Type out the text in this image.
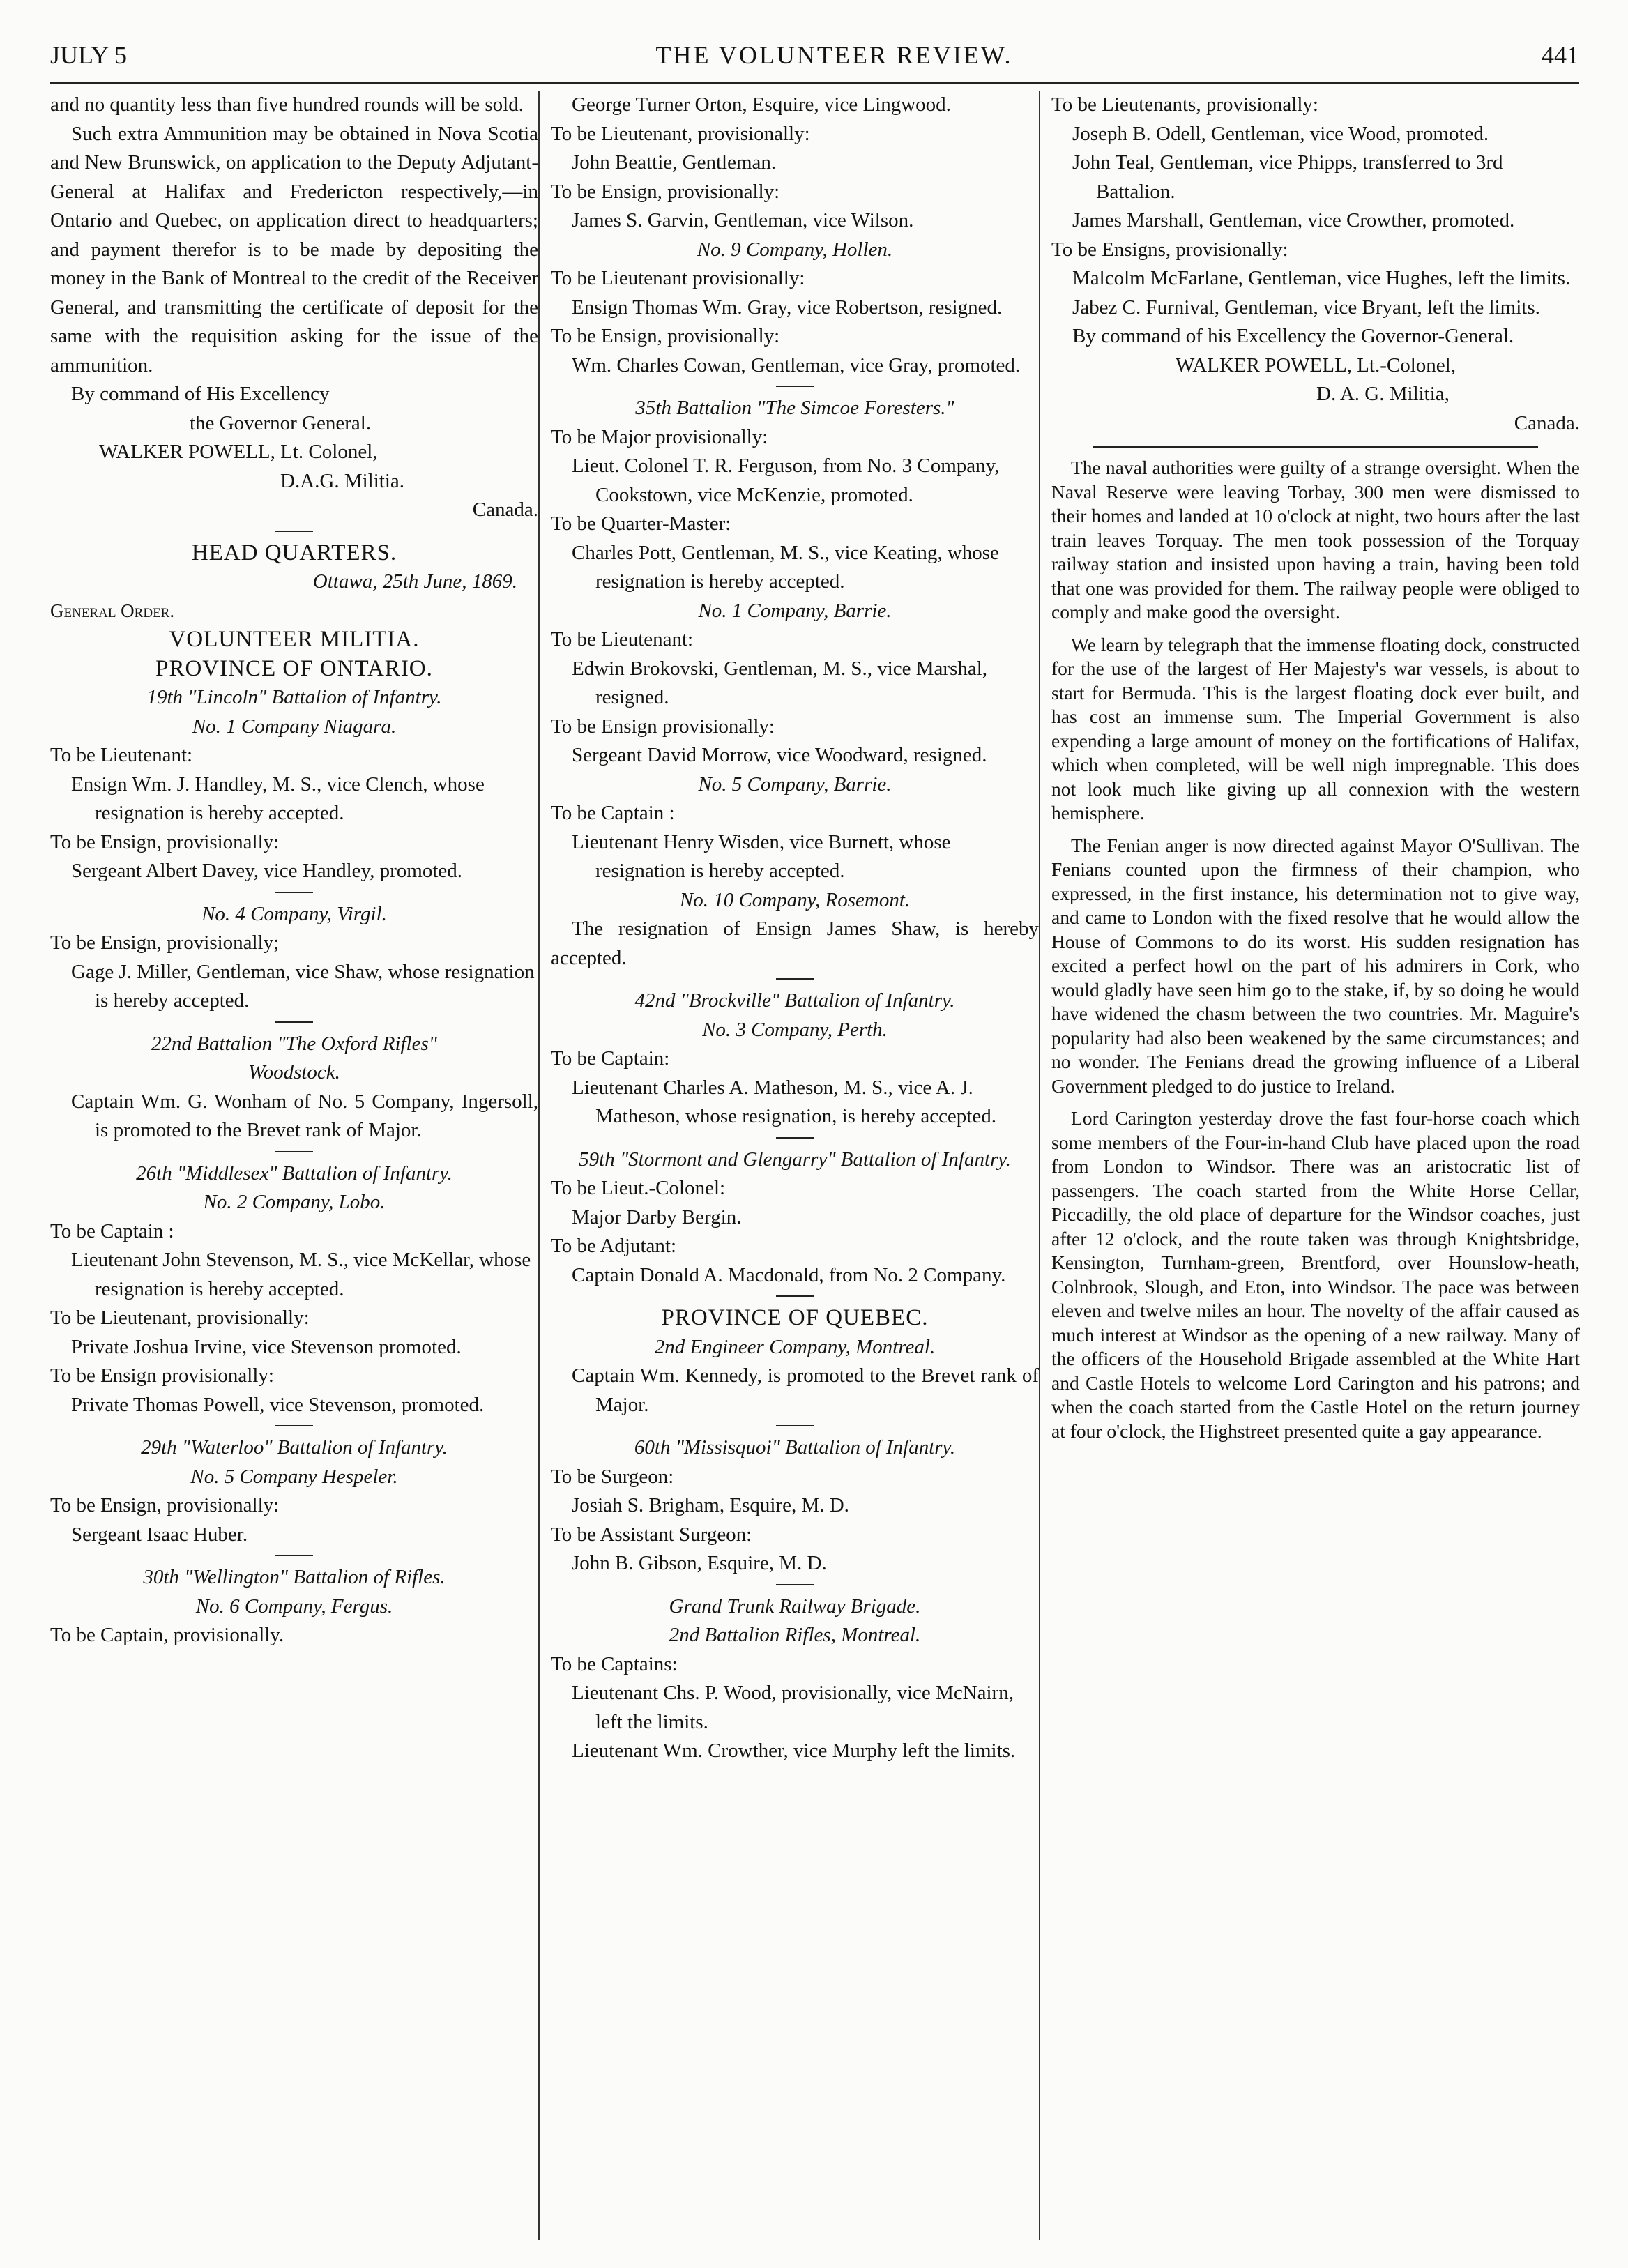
JULY 5	THE VOLUNTEER REVIEW.	441

and no quantity less than five hundred rounds will be sold.

Such extra Ammunition may be obtained in Nova Scotia and New Brunswick, on application to the Deputy Adjutant-General at Halifax and Fredericton respectively,—in Ontario and Quebec, on application direct to headquarters; and payment therefor is to be made by depositing the money in the Bank of Montreal to the credit of the Receiver General, and transmitting the certificate of deposit for the same with the requisition asking for the issue of the ammunition.

By command of His Excellency

the Governor General.

WALKER POWELL, Lt. Colonel,

D.A.G. Militia.

Canada.

HEAD QUARTERS.

Ottawa, 25th June, 1869.

General Order.

VOLUNTEER MILITIA.

PROVINCE OF ONTARIO.

19th "Lincoln" Battalion of Infantry.

No. 1 Company Niagara.

To be Lieutenant:

Ensign Wm. J. Handley, M. S., vice Clench, whose resignation is hereby accepted.

To be Ensign, provisionally:

Sergeant Albert Davey, vice Handley, promoted.

No. 4 Company, Virgil.

To be Ensign, provisionally;

Gage J. Miller, Gentleman, vice Shaw, whose resignation is hereby accepted.

22nd Battalion "The Oxford Rifles"

Woodstock.

Captain Wm. G. Wonham of No. 5 Company, Ingersoll, is promoted to the Brevet rank of Major.

26th "Middlesex" Battalion of Infantry.

No. 2 Company, Lobo.

To be Captain :

Lieutenant John Stevenson, M. S., vice McKellar, whose resignation is hereby accepted.

To be Lieutenant, provisionally:

Private Joshua Irvine, vice Stevenson promoted.

To be Ensign provisionally:

Private Thomas Powell, vice Stevenson, promoted.

29th "Waterloo" Battalion of Infantry.

No. 5 Company Hespeler.

To be Ensign, provisionally:

Sergeant Isaac Huber.

30th "Wellington" Battalion of Rifles.

No. 6 Company, Fergus.

To be Captain, provisionally.

George Turner Orton, Esquire, vice Lingwood.

To be Lieutenant, provisionally:

John Beattie, Gentleman.

To be Ensign, provisionally:

James S. Garvin, Gentleman, vice Wilson.

No. 9 Company, Hollen.

To be Lieutenant provisionally:

Ensign Thomas Wm. Gray, vice Robertson, resigned.

To be Ensign, provisionally:

Wm. Charles Cowan, Gentleman, vice Gray, promoted.

35th Battalion "The Simcoe Foresters."

To be Major provisionally:

Lieut. Colonel T. R. Ferguson, from No. 3 Company, Cookstown, vice McKenzie, promoted.

To be Quarter-Master:

Charles Pott, Gentleman, M. S., vice Keating, whose resignation is hereby accepted.

No. 1 Company, Barrie.

To be Lieutenant:

Edwin Brokovski, Gentleman, M. S., vice Marshal, resigned.

To be Ensign provisionally:

Sergeant David Morrow, vice Woodward, resigned.

No. 5 Company, Barrie.

To be Captain :

Lieutenant Henry Wisden, vice Burnett, whose resignation is hereby accepted.

No. 10 Company, Rosemont.

The resignation of Ensign James Shaw, is hereby accepted.

42nd "Brockville" Battalion of Infantry.

No. 3 Company, Perth.

To be Captain:

Lieutenant Charles A. Matheson, M. S., vice A. J. Matheson, whose resignation, is hereby accepted.

59th "Stormont and Glengarry" Battalion of Infantry.

To be Lieut.-Colonel:

Major Darby Bergin.

To be Adjutant:

Captain Donald A. Macdonald, from No. 2 Company.

PROVINCE OF QUEBEC.

2nd Engineer Company, Montreal.

Captain Wm. Kennedy, is promoted to the Brevet rank of Major.

60th "Missisquoi" Battalion of Infantry.

To be Surgeon:

Josiah S. Brigham, Esquire, M. D.

To be Assistant Surgeon:

John B. Gibson, Esquire, M. D.

Grand Trunk Railway Brigade.

2nd Battalion Rifles, Montreal.

To be Captains:

Lieutenant Chs. P. Wood, provisionally, vice McNairn, left the limits.

Lieutenant Wm. Crowther, vice Murphy left the limits.

To be Lieutenants, provisionally:

Joseph B. Odell, Gentleman, vice Wood, promoted.

John Teal, Gentleman, vice Phipps, transferred to 3rd Battalion.

James Marshall, Gentleman, vice Crowther, promoted.

To be Ensigns, provisionally:

Malcolm McFarlane, Gentleman, vice Hughes, left the limits.

Jabez C. Furnival, Gentleman, vice Bryant, left the limits.

By command of his Excellency the Governor-General.

WALKER POWELL, Lt.-Colonel,

D. A. G. Militia,

Canada.

The naval authorities were guilty of a strange oversight. When the Naval Reserve were leaving Torbay, 300 men were dismissed to their homes and landed at 10 o'clock at night, two hours after the last train leaves Torquay. The men took possession of the Torquay railway station and insisted upon having a train, having been told that one was provided for them. The railway people were obliged to comply and make good the oversight.

We learn by telegraph that the immense floating dock, constructed for the use of the largest of Her Majesty's war vessels, is about to start for Bermuda. This is the largest floating dock ever built, and has cost an immense sum. The Imperial Government is also expending a large amount of money on the fortifications of Halifax, which when completed, will be well nigh impregnable. This does not look much like giving up all connexion with the western hemisphere.

The Fenian anger is now directed against Mayor O'Sullivan. The Fenians counted upon the firmness of their champion, who expressed, in the first instance, his determination not to give way, and came to London with the fixed resolve that he would allow the House of Commons to do its worst. His sudden resignation has excited a perfect howl on the part of his admirers in Cork, who would gladly have seen him go to the stake, if, by so doing he would have widened the chasm between the two countries. Mr. Maguire's popularity had also been weakened by the same circumstances; and no wonder. The Fenians dread the growing influence of a Liberal Government pledged to do justice to Ireland.

Lord Carington yesterday drove the fast four-horse coach which some members of the Four-in-hand Club have placed upon the road from London to Windsor. There was an aristocratic list of passengers. The coach started from the White Horse Cellar, Piccadilly, the old place of departure for the Windsor coaches, just after 12 o'clock, and the route taken was through Knightsbridge, Kensington, Turnham-green, Brentford, over Hounslow-heath, Colnbrook, Slough, and Eton, into Windsor. The pace was between eleven and twelve miles an hour. The novelty of the affair caused as much interest at Windsor as the opening of a new railway. Many of the officers of the Household Brigade assembled at the White Hart and Castle Hotels to welcome Lord Carington and his patrons; and when the coach started from the Castle Hotel on the return journey at four o'clock, the Highstreet presented quite a gay appearance.
